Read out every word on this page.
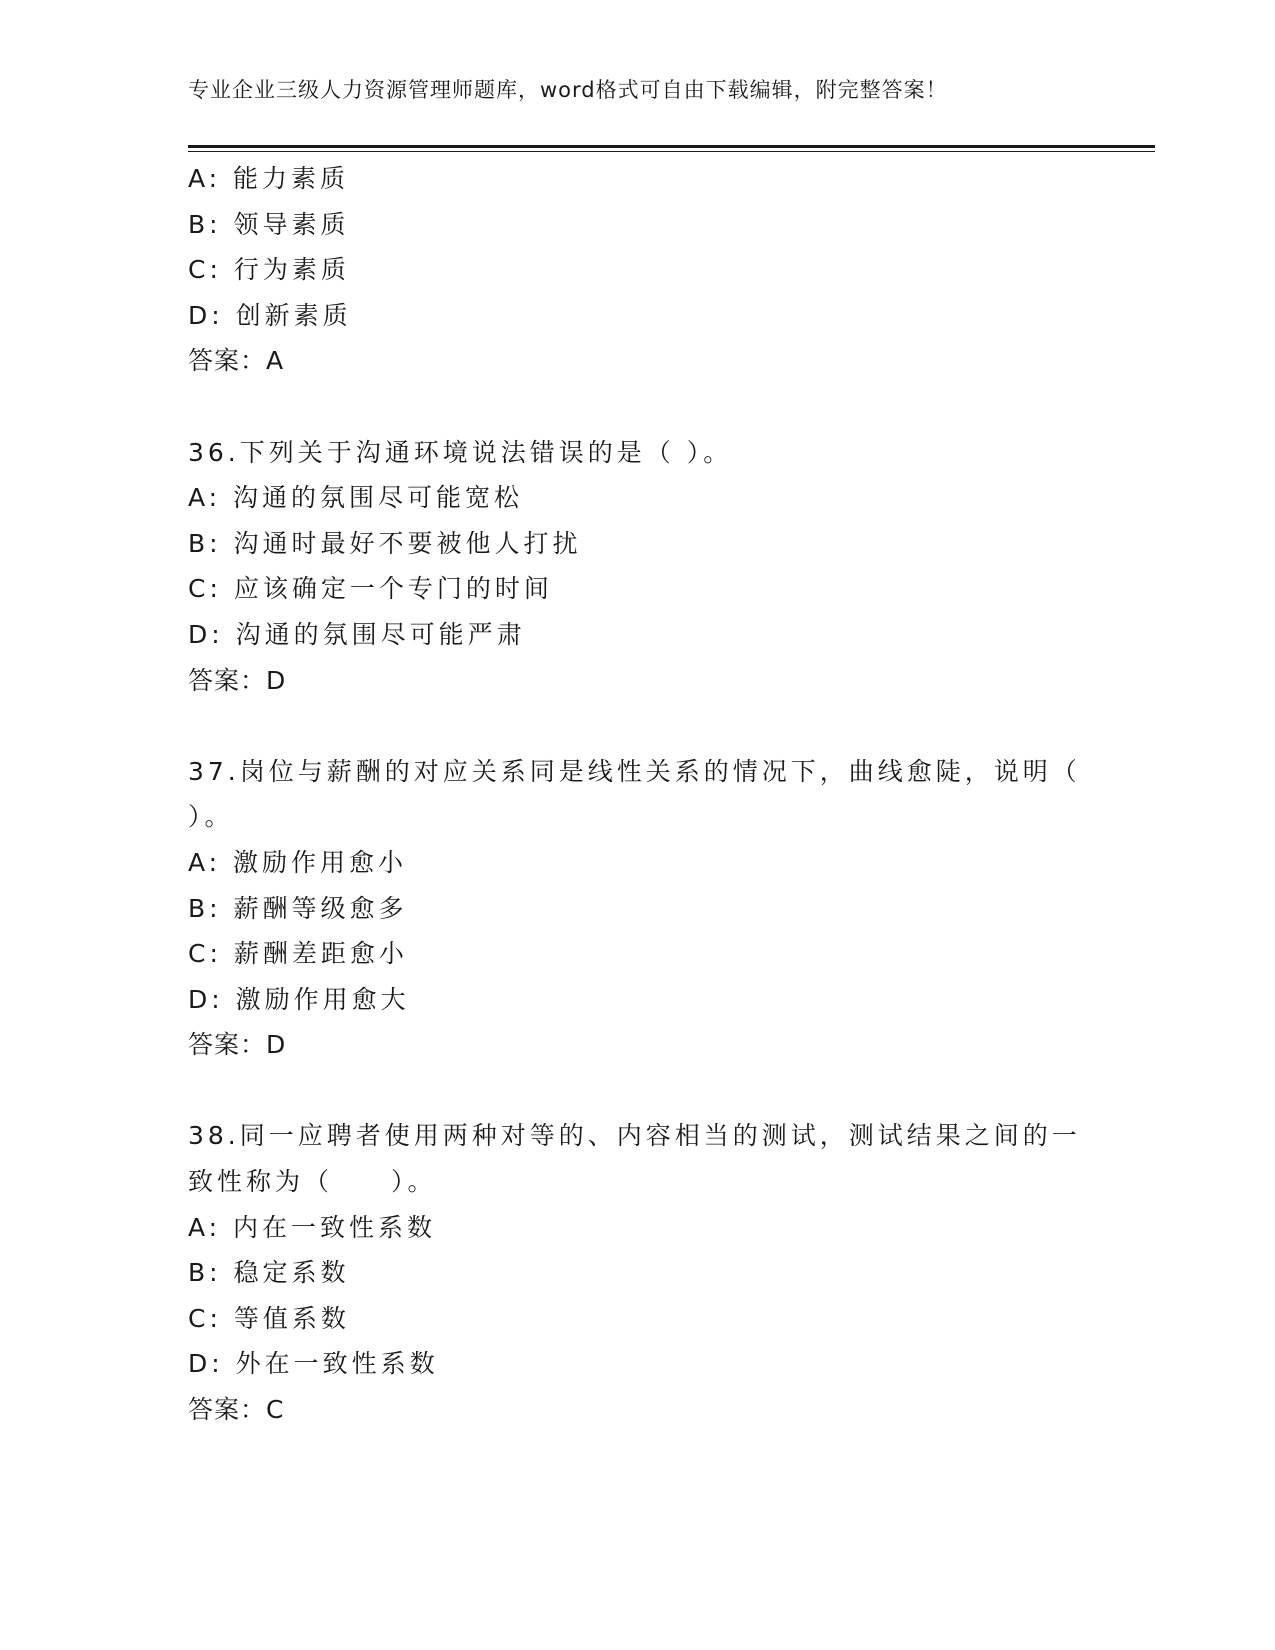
专业企业三级人力资源管理师题库，word格式可自由下载编辑，附完整答案！
A: 能力素质
B: 领导素质
C: 行为素质
D: 创新素质
答案：A
36.下列关于沟通环境说法错误的是（ ）。
A: 沟通的氛围尽可能宽松
B: 沟通时最好不要被他人打扰
C: 应该确定一个专门的时间
D: 沟通的氛围尽可能严肃
答案：D
37.岗位与薪酬的对应关系同是线性关系的情况下，曲线愈陡，说明（
）。
A: 激励作用愈小
B: 薪酬等级愈多
C: 薪酬差距愈小
D: 激励作用愈大
答案：D
38.同一应聘者使用两种对等的、内容相当的测试，测试结果之间的一
致性称为（　　）。
A: 内在一致性系数
B: 稳定系数
C: 等值系数
D: 外在一致性系数
答案：C
